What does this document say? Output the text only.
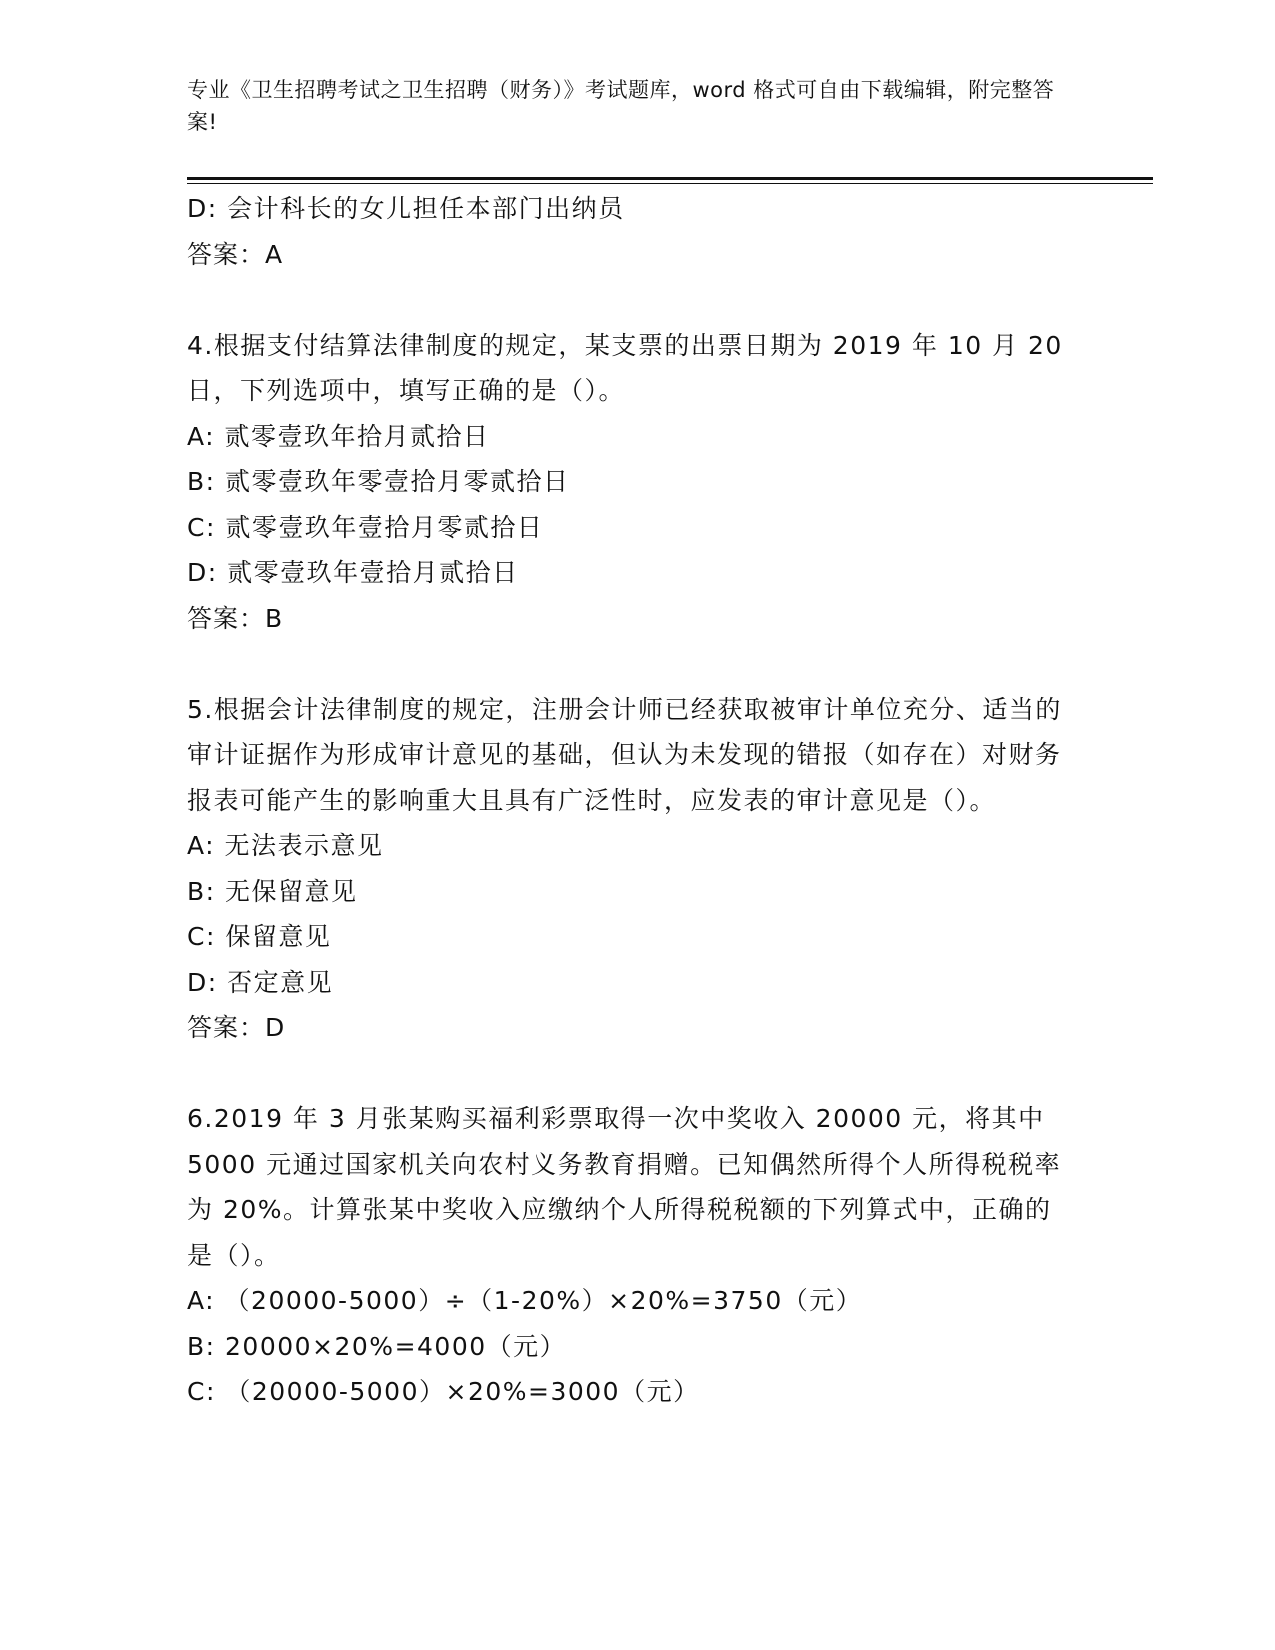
专业《卫生招聘考试之卫生招聘（财务）》考试题库，word 格式可自由下载编辑，附完整答案!
D: 会计科长的女儿担任本部门出纳员
答案：A
4.根据支付结算法律制度的规定，某支票的出票日期为 2019 年 10 月 20 日，下列选项中，填写正确的是（）。
A: 贰零壹玖年拾月贰拾日
B: 贰零壹玖年零壹拾月零贰拾日
C: 贰零壹玖年壹拾月零贰拾日
D: 贰零壹玖年壹拾月贰拾日
答案：B
5.根据会计法律制度的规定，注册会计师已经获取被审计单位充分、适当的审计证据作为形成审计意见的基础，但认为未发现的错报（如存在）对财务报表可能产生的影响重大且具有广泛性时，应发表的审计意见是（）。
A: 无法表示意见
B: 无保留意见
C: 保留意见
D: 否定意见
答案：D
6.2019 年 3 月张某购买福利彩票取得一次中奖收入 20000 元，将其中 5000 元通过国家机关向农村义务教育捐赠。已知偶然所得个人所得税税率为 20%。计算张某中奖收入应缴纳个人所得税税额的下列算式中，正确的是（）。
A: （20000-5000）÷（1-20%）×20%=3750（元）
B: 20000×20%=4000（元）
C: （20000-5000）×20%=3000（元）
